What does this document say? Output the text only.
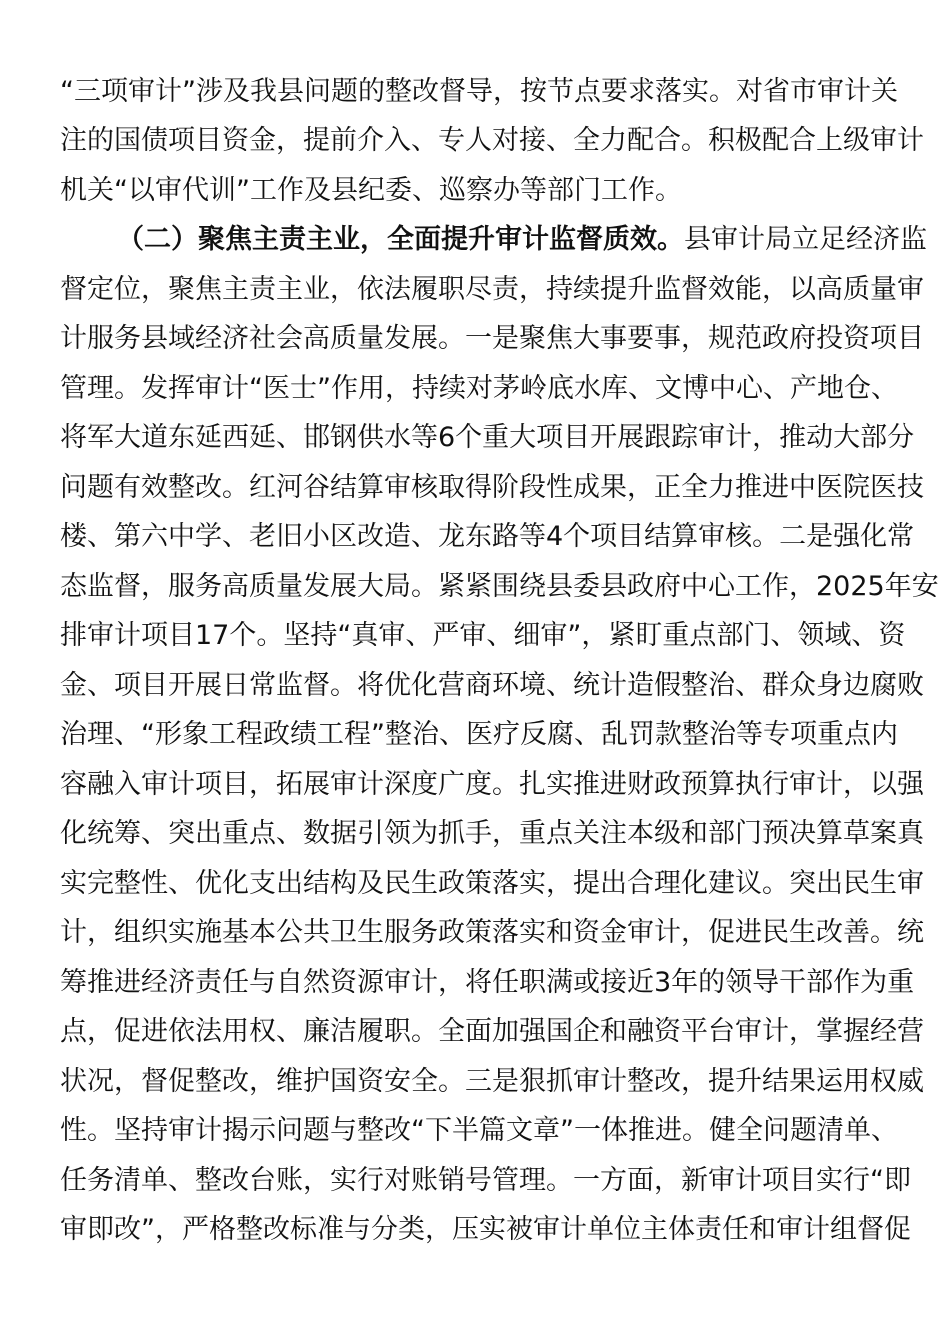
“三项审计”涉及我县问题的整改督导，按节点要求落实。对省市审计关
注的国债项目资金，提前介入、专人对接、全力配合。积极配合上级审计
机关“以审代训”工作及县纪委、巡察办等部门工作。
（二）聚焦主责主业，全面提升审计监督质效。县审计局立足经济监
督定位，聚焦主责主业，依法履职尽责，持续提升监督效能，以高质量审
计服务县域经济社会高质量发展。一是聚焦大事要事，规范政府投资项目
管理。发挥审计“医士”作用，持续对茅岭底水库、文博中心、产地仓、
将军大道东延西延、邯钢供水等6个重大项目开展跟踪审计，推动大部分
问题有效整改。红河谷结算审核取得阶段性成果，正全力推进中医院医技
楼、第六中学、老旧小区改造、龙东路等4个项目结算审核。二是强化常
态监督，服务高质量发展大局。紧紧围绕县委县政府中心工作，2025年安
排审计项目17个。坚持“真审、严审、细审”，紧盯重点部门、领域、资
金、项目开展日常监督。将优化营商环境、统计造假整治、群众身边腐败
治理、“形象工程政绩工程”整治、医疗反腐、乱罚款整治等专项重点内
容融入审计项目，拓展审计深度广度。扎实推进财政预算执行审计，以强
化统筹、突出重点、数据引领为抓手，重点关注本级和部门预决算草案真
实完整性、优化支出结构及民生政策落实，提出合理化建议。突出民生审
计，组织实施基本公共卫生服务政策落实和资金审计，促进民生改善。统
筹推进经济责任与自然资源审计，将任职满或接近3年的领导干部作为重
点，促进依法用权、廉洁履职。全面加强国企和融资平台审计，掌握经营
状况，督促整改，维护国资安全。三是狠抓审计整改，提升结果运用权威
性。坚持审计揭示问题与整改“下半篇文章”一体推进。健全问题清单、
任务清单、整改台账，实行对账销号管理。一方面，新审计项目实行“即
审即改”，严格整改标准与分类，压实被审计单位主体责任和审计组督促
